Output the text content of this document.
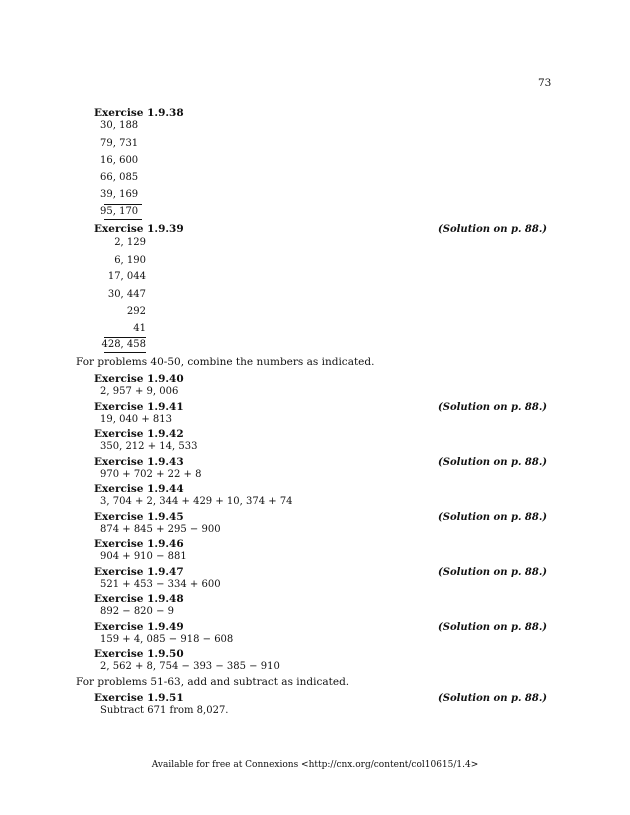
73
Exercise 1.9.38
30, 188
79, 731
16, 600
66, 085
39, 169
95, 170
Exercise 1.9.39	(Solution on p. 88.)
2, 129
6, 190
17, 044
30, 447
292
41
428, 458
For problems 40-50, combine the numbers as indicated.
Exercise 1.9.40
2, 957 + 9, 006
Exercise 1.9.41	(Solution on p. 88.)
19, 040 + 813
Exercise 1.9.42
350, 212 + 14, 533
Exercise 1.9.43	(Solution on p. 88.)
970 + 702 + 22 + 8
Exercise 1.9.44
3, 704 + 2, 344 + 429 + 10, 374 + 74
Exercise 1.9.45	(Solution on p. 88.)
874 + 845 + 295 − 900
Exercise 1.9.46
904 + 910 − 881
Exercise 1.9.47	(Solution on p. 88.)
521 + 453 − 334 + 600
Exercise 1.9.48
892 − 820 − 9
Exercise 1.9.49	(Solution on p. 88.)
159 + 4, 085 − 918 − 608
Exercise 1.9.50
2, 562 + 8, 754 − 393 − 385 − 910
For problems 51-63, add and subtract as indicated.
Exercise 1.9.51	(Solution on p. 88.)
Subtract 671 from 8,027.
Available for free at Connexions <http://cnx.org/content/col10615/1.4>
